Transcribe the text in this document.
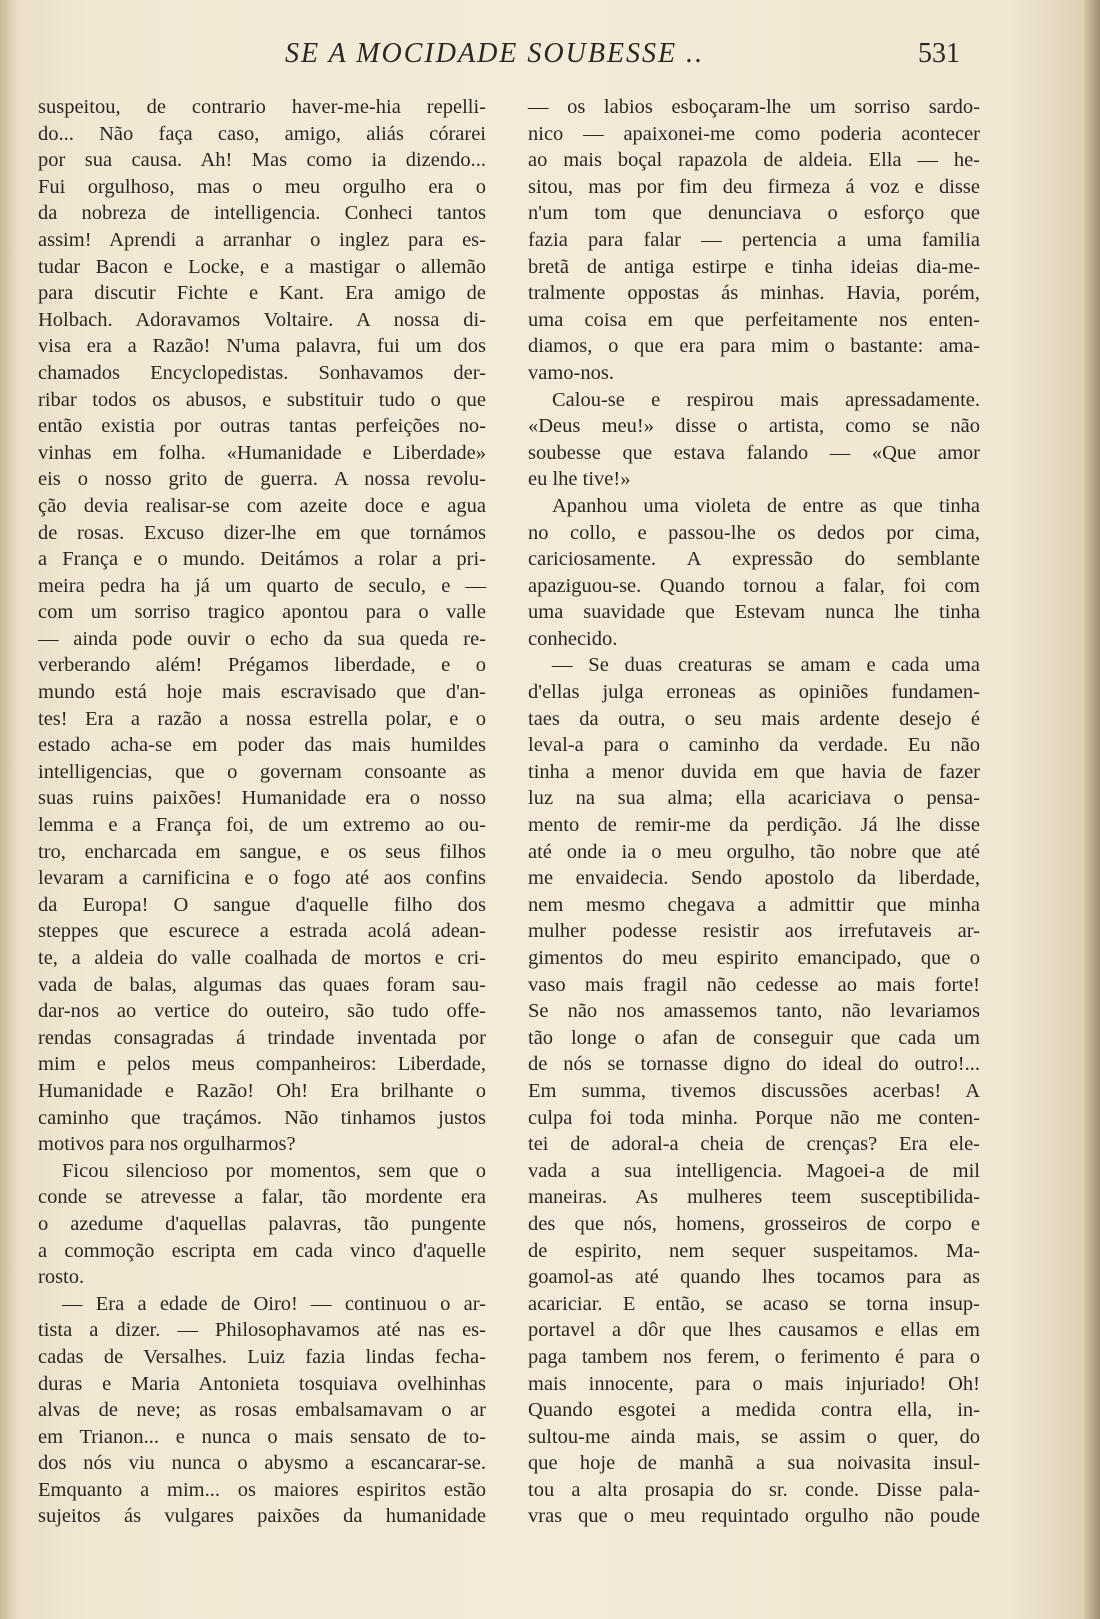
SE A MOCIDADE SOUBESSE ..	531
suspeitou, de contrario haver-me-hia repelli-
do... Não faça caso, amigo, aliás córarei
por sua causa. Ah! Mas como ia dizendo...
Fui orgulhoso, mas o meu orgulho era o
da nobreza de intelligencia. Conheci tantos
assim! Aprendi a arranhar o inglez para es-
tudar Bacon e Locke, e a mastigar o allemão
para discutir Fichte e Kant. Era amigo de
Holbach. Adoravamos Voltaire. A nossa di-
visa era a Razão! N'uma palavra, fui um dos
chamados Encyclopedistas. Sonhavamos der-
ribar todos os abusos, e substituir tudo o que
então existia por outras tantas perfeições no-
vinhas em folha. «Humanidade e Liberdade»
eis o nosso grito de guerra. A nossa revolu-
ção devia realisar-se com azeite doce e agua
de rosas. Excuso dizer-lhe em que tornámos
a França e o mundo. Deitámos a rolar a pri-
meira pedra ha já um quarto de seculo, e —
com um sorriso tragico apontou para o valle
— ainda pode ouvir o echo da sua queda re-
verberando além! Prégamos liberdade, e o
mundo está hoje mais escravisado que d'an-
tes! Era a razão a nossa estrella polar, e o
estado acha-se em poder das mais humildes
intelligencias, que o governam consoante as
suas ruins paixões! Humanidade era o nosso
lemma e a França foi, de um extremo ao ou-
tro, encharcada em sangue, e os seus filhos
levaram a carnificina e o fogo até aos confins
da Europa! O sangue d'aquelle filho dos
steppes que escurece a estrada acolá adean-
te, a aldeia do valle coalhada de mortos e cri-
vada de balas, algumas das quaes foram sau-
dar-nos ao vertice do outeiro, são tudo offe-
rendas consagradas á trindade inventada por
mim e pelos meus companheiros: Liberdade,
Humanidade e Razão! Oh! Era brilhante o
caminho que traçámos. Não tinhamos justos
motivos para nos orgulharmos?
Ficou silencioso por momentos, sem que o
conde se atrevesse a falar, tão mordente era
o azedume d'aquellas palavras, tão pungente
a commoção escripta em cada vinco d'aquelle
rosto.
— Era a edade de Oiro! — continuou o ar-
tista a dizer. — Philosophavamos até nas es-
cadas de Versalhes. Luiz fazia lindas fecha-
duras e Maria Antonieta tosquiava ovelhinhas
alvas de neve; as rosas embalsamavam o ar
em Trianon... e nunca o mais sensato de to-
dos nós viu nunca o abysmo a escancarar-se.
Emquanto a mim... os maiores espiritos estão
sujeitos ás vulgares paixões da humanidade
— os labios esboçaram-lhe um sorriso sardo-
nico — apaixonei-me como poderia acontecer
ao mais boçal rapazola de aldeia. Ella — he-
sitou, mas por fim deu firmeza á voz e disse
n'um tom que denunciava o esforço que
fazia para falar — pertencia a uma familia
bretã de antiga estirpe e tinha ideias dia-me-
tralmente oppostas ás minhas. Havia, porém,
uma coisa em que perfeitamente nos enten-
diamos, o que era para mim o bastante: ama-
vamo-nos.
Calou-se e respirou mais apressadamente.
«Deus meu!» disse o artista, como se não
soubesse que estava falando — «Que amor
eu lhe tive!»
Apanhou uma violeta de entre as que tinha
no collo, e passou-lhe os dedos por cima,
cariciosamente. A expressão do semblante
apaziguou-se. Quando tornou a falar, foi com
uma suavidade que Estevam nunca lhe tinha
conhecido.
— Se duas creaturas se amam e cada uma
d'ellas julga erroneas as opiniões fundamen-
taes da outra, o seu mais ardente desejo é
leval-a para o caminho da verdade. Eu não
tinha a menor duvida em que havia de fazer
luz na sua alma; ella acariciava o pensa-
mento de remir-me da perdição. Já lhe disse
até onde ia o meu orgulho, tão nobre que até
me envaidecia. Sendo apostolo da liberdade,
nem mesmo chegava a admittir que minha
mulher podesse resistir aos irrefutaveis ar-
gimentos do meu espirito emancipado, que o
vaso mais fragil não cedesse ao mais forte!
Se não nos amassemos tanto, não levariamos
tão longe o afan de conseguir que cada um
de nós se tornasse digno do ideal do outro!...
Em summa, tivemos discussões acerbas! A
culpa foi toda minha. Porque não me conten-
tei de adoral-a cheia de crenças? Era ele-
vada a sua intelligencia. Magoei-a de mil
maneiras. As mulheres teem susceptibilida-
des que nós, homens, grosseiros de corpo e
de espirito, nem sequer suspeitamos. Ma-
goamol-as até quando lhes tocamos para as
acariciar. E então, se acaso se torna insup-
portavel a dôr que lhes causamos e ellas em
paga tambem nos ferem, o ferimento é para o
mais innocente, para o mais injuriado! Oh!
Quando esgotei a medida contra ella, in-
sultou-me ainda mais, se assim o quer, do
que hoje de manhã a sua noivasita insul-
tou a alta prosapia do sr. conde. Disse pala-
vras que o meu requintado orgulho não poude
